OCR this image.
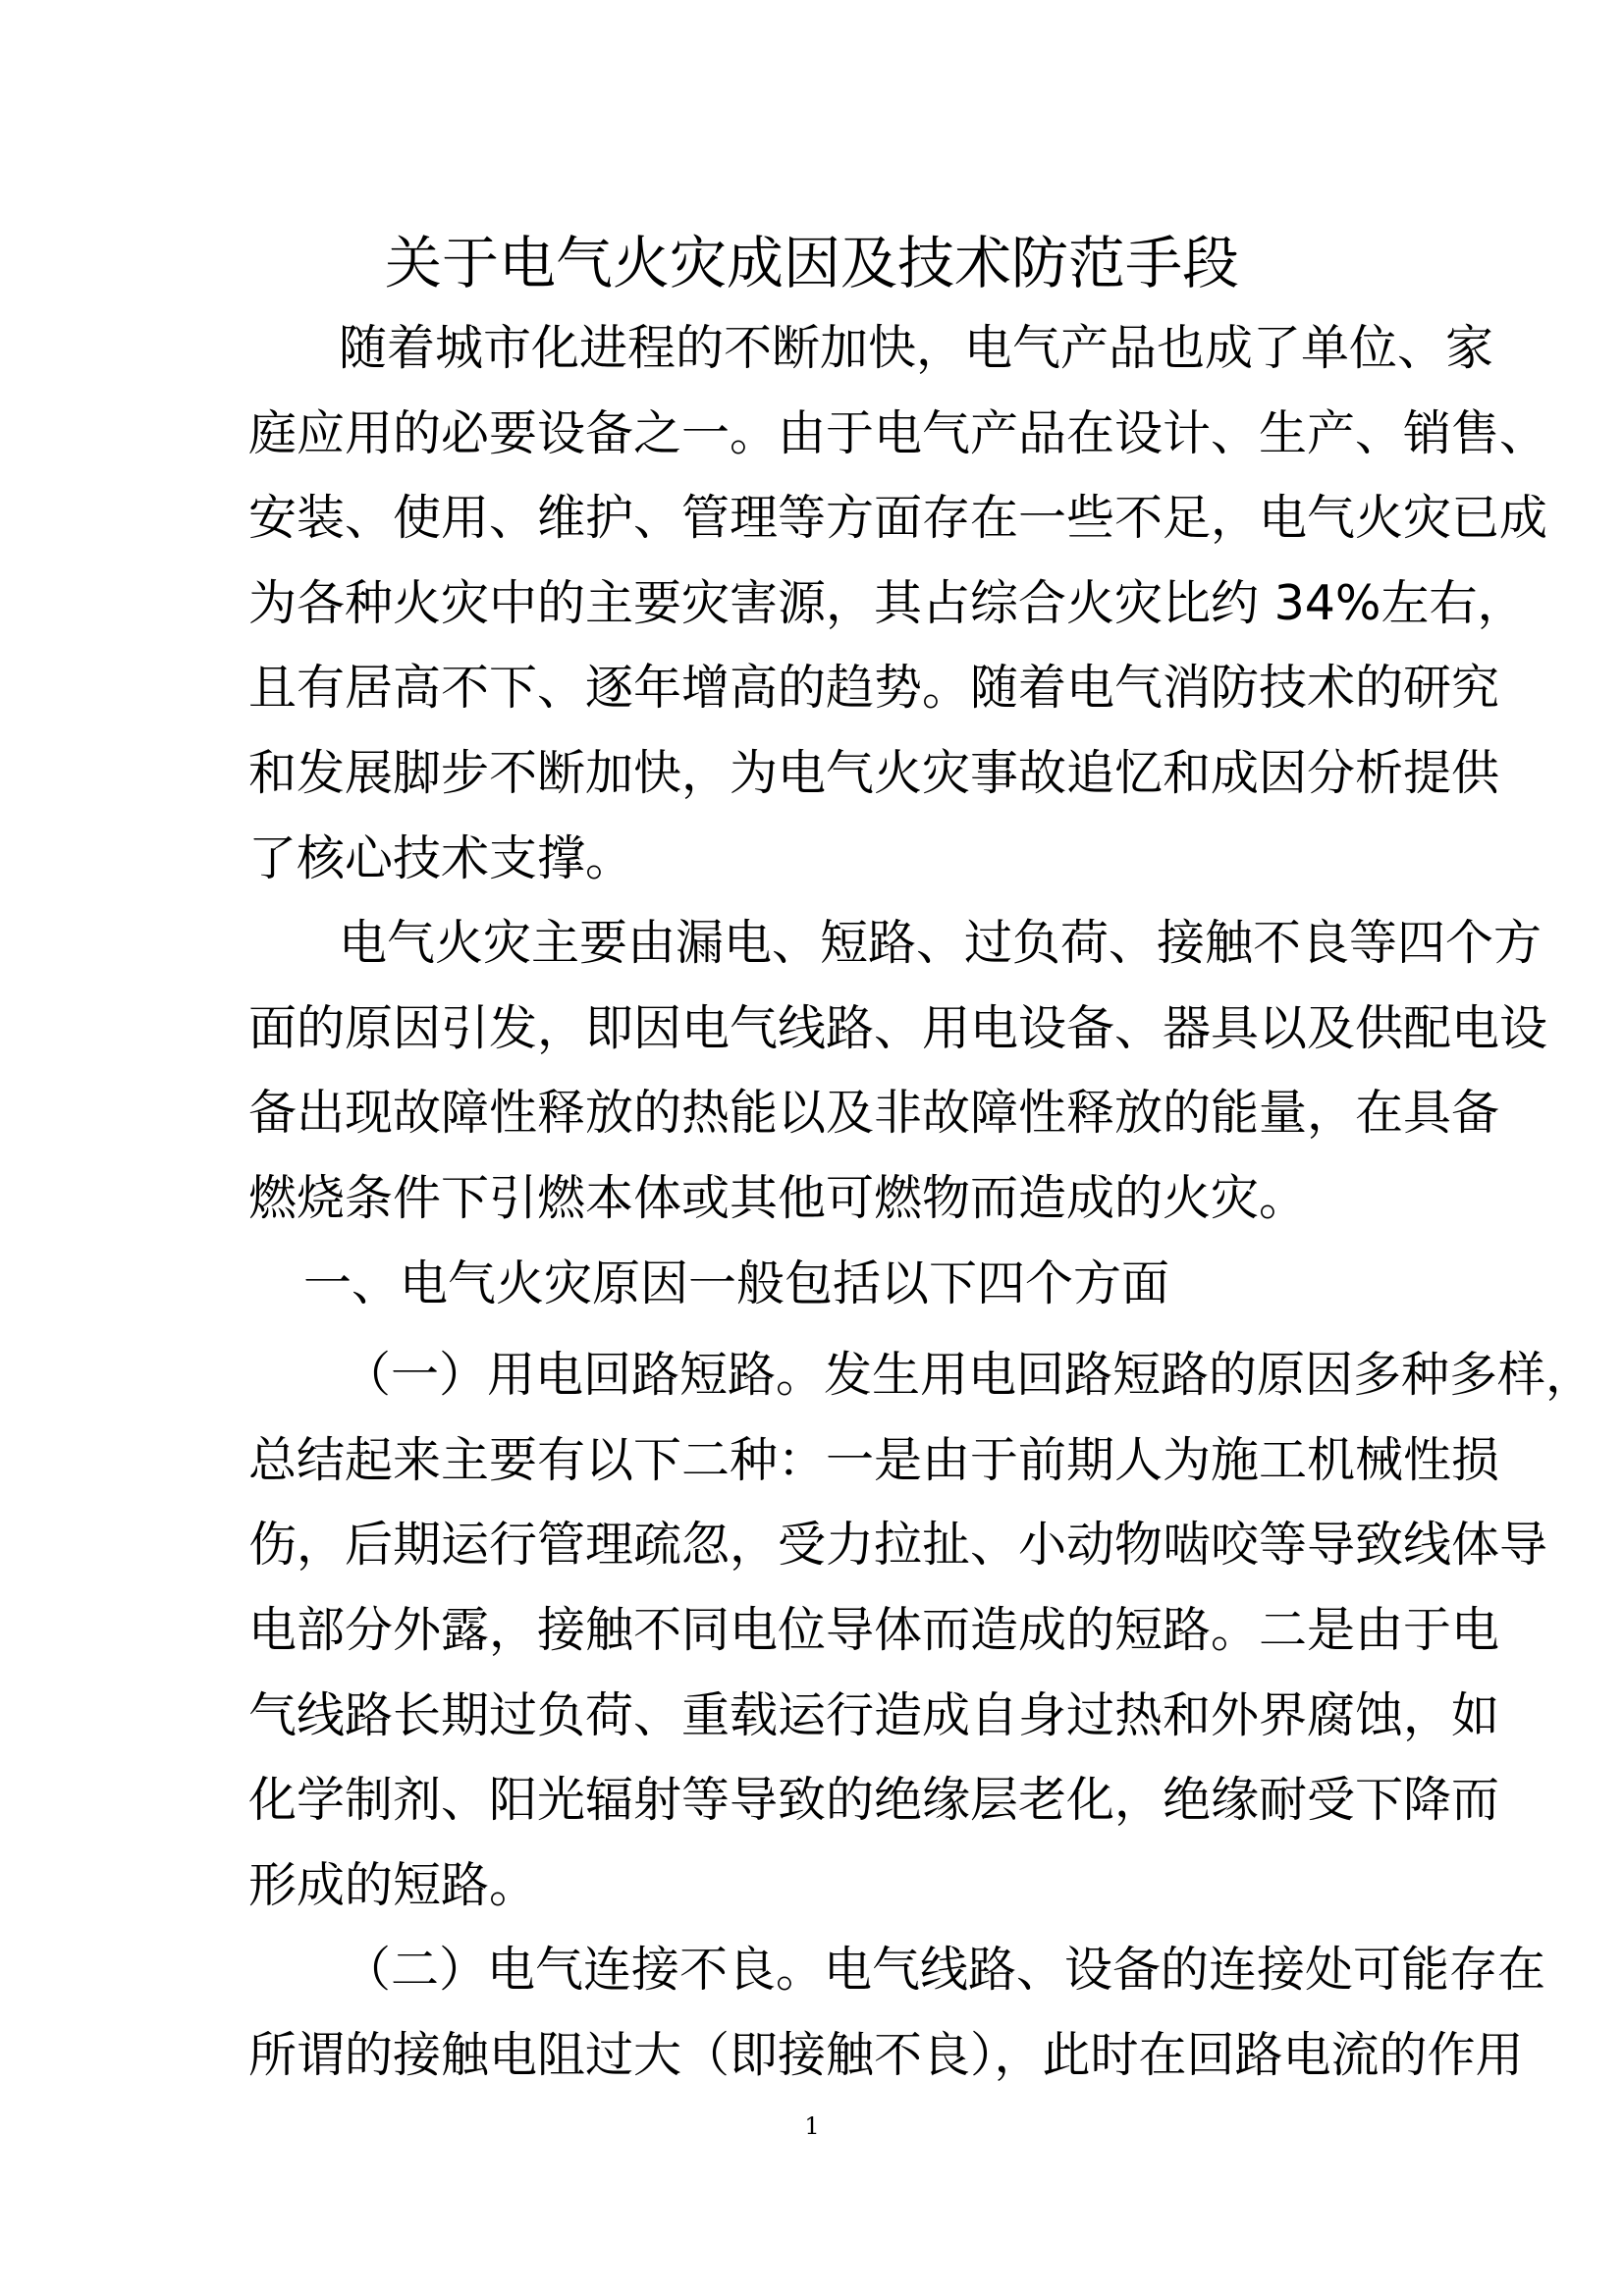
关于电气火灾成因及技术防范手段
随着城市化进程的不断加快，电气产品也成了单位、家
庭应用的必要设备之一。由于电气产品在设计、生产、销售、
安装、使用、维护、管理等方面存在一些不足，电气火灾已成
为各种火灾中的主要灾害源，其占综合火灾比约 34%左右，
且有居高不下、逐年增高的趋势。随着电气消防技术的研究
和发展脚步不断加快，为电气火灾事故追忆和成因分析提供
了核心技术支撑。
电气火灾主要由漏电、短路、过负荷、接触不良等四个方
面的原因引发，即因电气线路、用电设备、器具以及供配电设
备出现故障性释放的热能以及非故障性释放的能量，在具备
燃烧条件下引燃本体或其他可燃物而造成的火灾。
一、电气火灾原因一般包括以下四个方面
（一）用电回路短路。发生用电回路短路的原因多种多样，
总结起来主要有以下二种：一是由于前期人为施工机械性损
伤，后期运行管理疏忽，受力拉扯、小动物啮咬等导致线体导
电部分外露，接触不同电位导体而造成的短路。二是由于电
气线路长期过负荷、重载运行造成自身过热和外界腐蚀，如
化学制剂、阳光辐射等导致的绝缘层老化，绝缘耐受下降而
形成的短路。
（二）电气连接不良。电气线路、设备的连接处可能存在
所谓的接触电阻过大（即接触不良），此时在回路电流的作用
1
